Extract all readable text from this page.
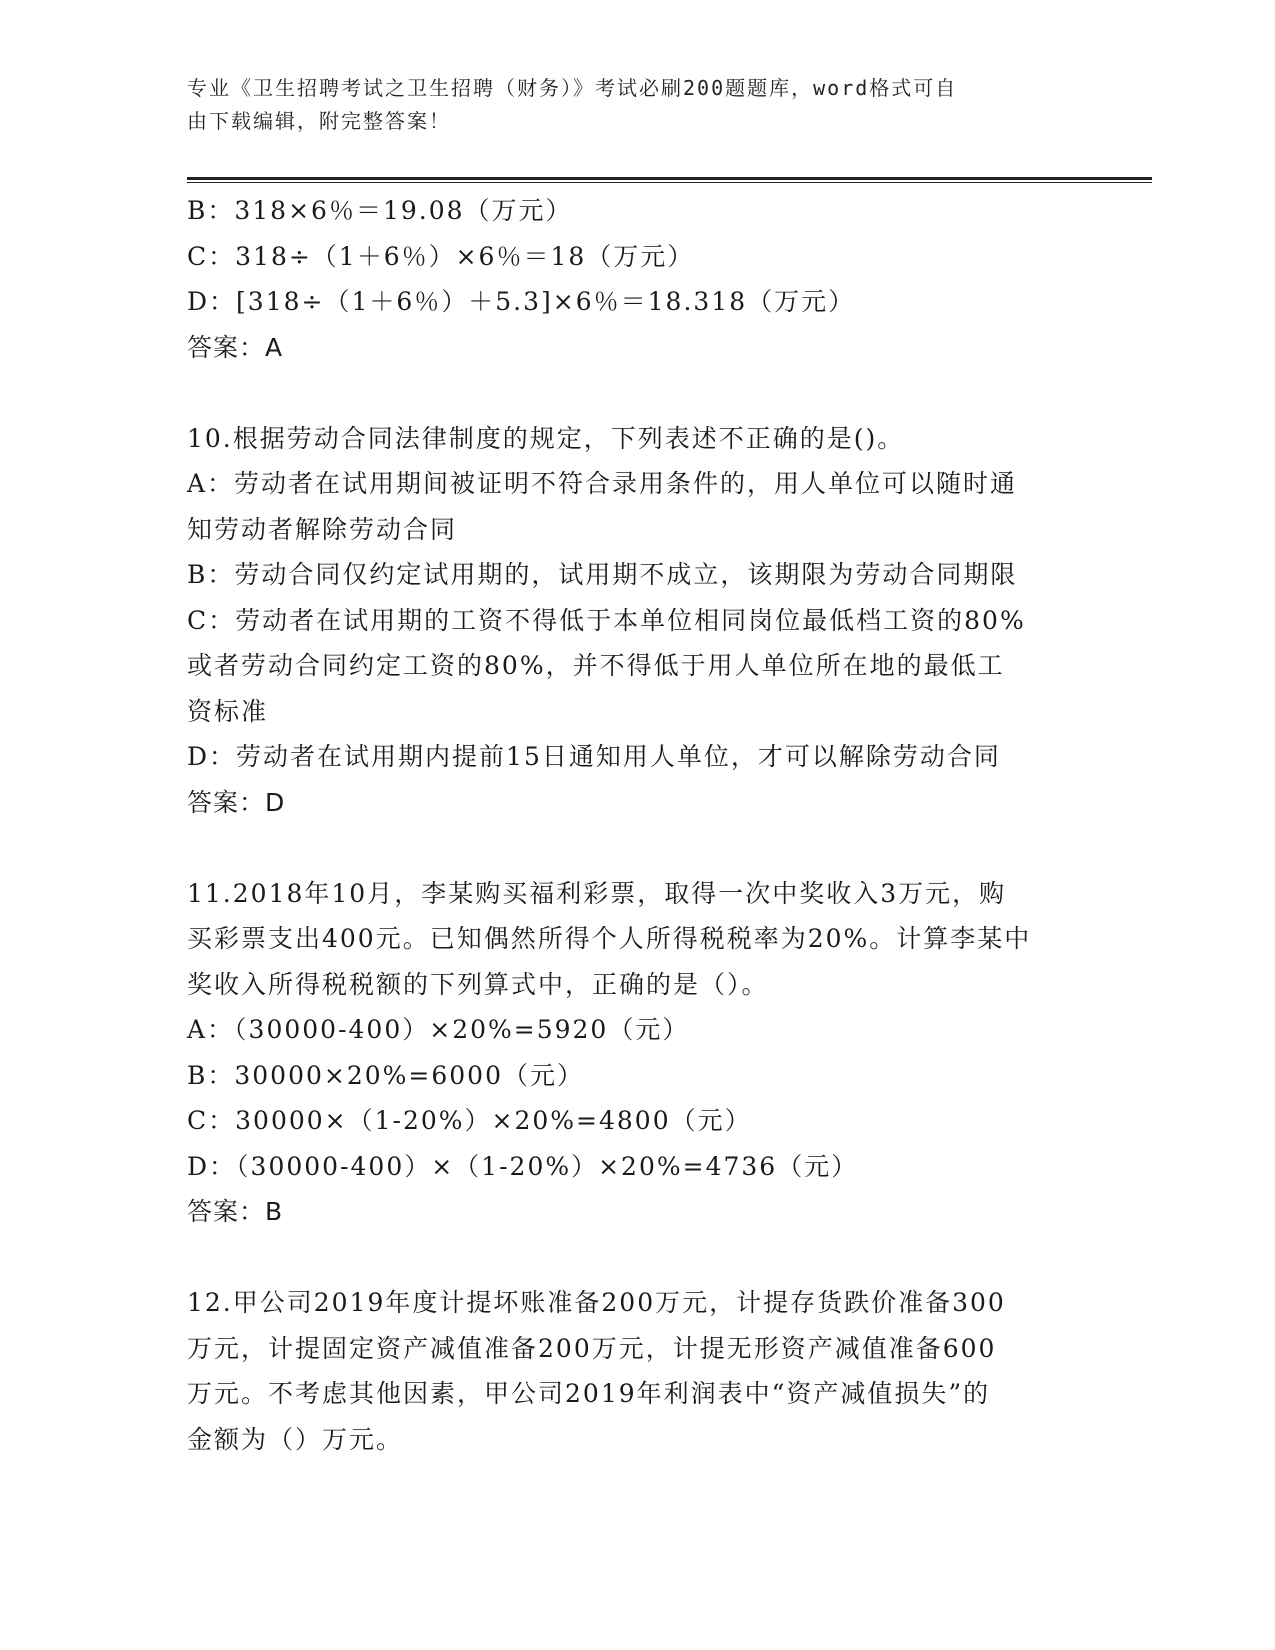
专业《卫生招聘考试之卫生招聘（财务）》考试必刷200题题库，word格式可自
由下载编辑，附完整答案！
B：318×6％＝19.08（万元）
C：318÷（1＋6％）×6％＝18（万元）
D：[318÷（1＋6％）＋5.3]×6％＝18.318（万元）
答案：A
10.根据劳动合同法律制度的规定，下列表述不正确的是()。
A：劳动者在试用期间被证明不符合录用条件的，用人单位可以随时通
知劳动者解除劳动合同
B：劳动合同仅约定试用期的，试用期不成立，该期限为劳动合同期限
C：劳动者在试用期的工资不得低于本单位相同岗位最低档工资的80%
或者劳动合同约定工资的80%，并不得低于用人单位所在地的最低工
资标准
D：劳动者在试用期内提前15日通知用人单位，才可以解除劳动合同
答案：D
11.2018年10月，李某购买福利彩票，取得一次中奖收入3万元，购
买彩票支出400元。已知偶然所得个人所得税税率为20%。计算李某中
奖收入所得税税额的下列算式中，正确的是（）。
A：（30000-400）×20%=5920（元）
B：30000×20%=6000（元）
C：30000×（1-20%）×20%=4800（元）
D：（30000-400）×（1-20%）×20%=4736（元）
答案：B
12.甲公司2019年度计提坏账准备200万元，计提存货跌价准备300
万元，计提固定资产减值准备200万元，计提无形资产减值准备600
万元。不考虑其他因素，甲公司2019年利润表中“资产减值损失”的
金额为（）万元。
